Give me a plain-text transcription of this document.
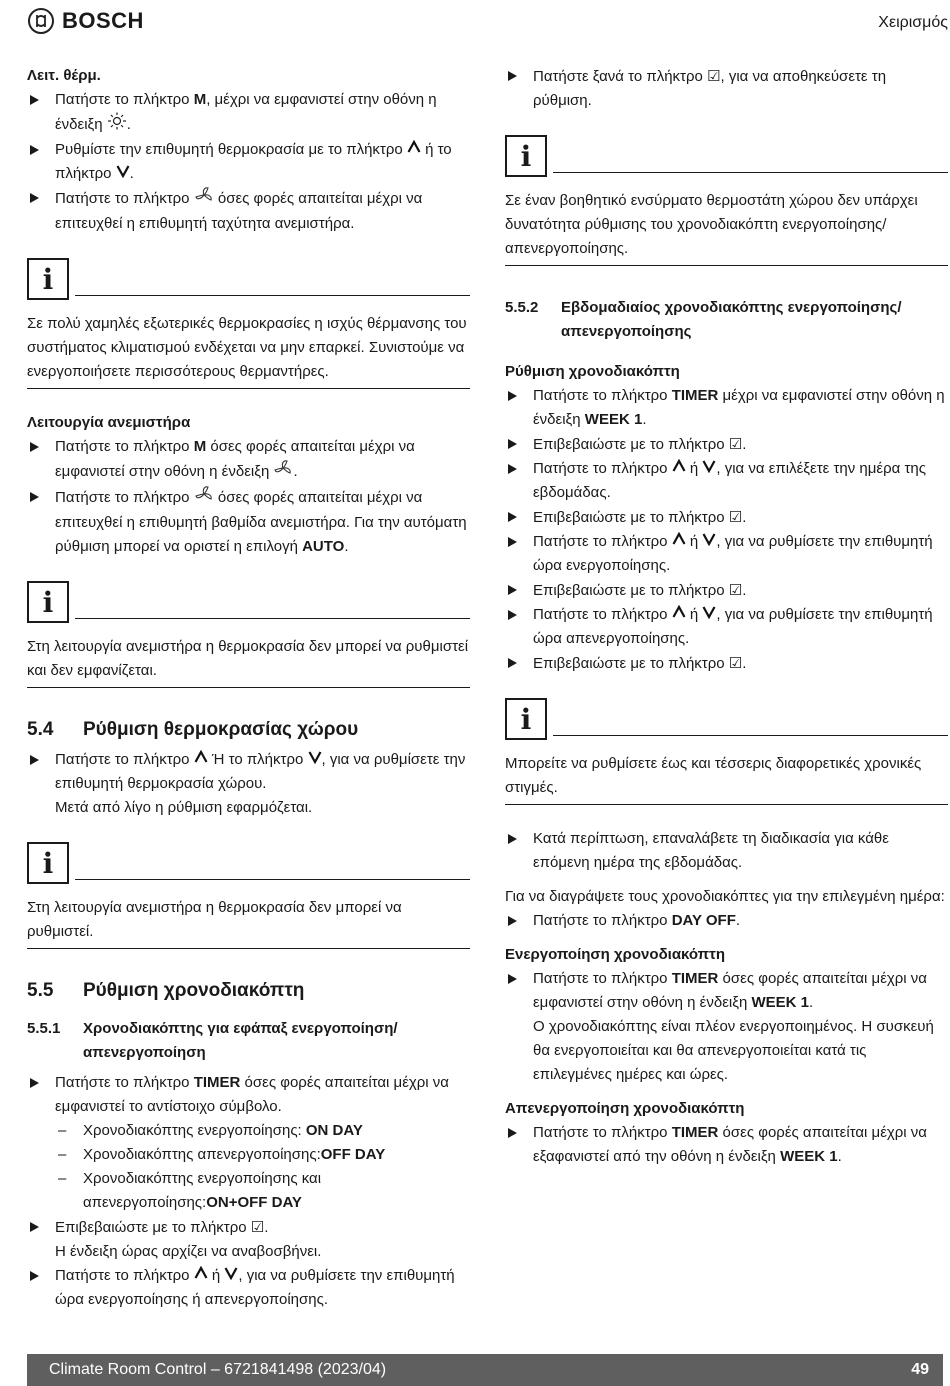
BOSCH	Χειρισμός

Λειτ. θέρμ.

Πατήστε το πλήκτρο M, μέχρι να εμφανιστεί στην οθόνη η ένδειξη .

Ρυθμίστε την επιθυμητή θερμοκρασία με το πλήκτρο  ή το πλήκτρο .

Πατήστε το πλήκτρο  όσες φορές απαιτείται μέχρι να επιτευχθεί η επιθυμητή ταχύτητα ανεμιστήρα.

i

Σε πολύ χαμηλές εξωτερικές θερμοκρασίες η ισχύς θέρμανσης του συστήματος κλιματισμού ενδέχεται να μην επαρκεί. Συνιστούμε να ενεργοποιήσετε περισσότερους θερμαντήρες.

Λειτουργία ανεμιστήρα

Πατήστε το πλήκτρο M όσες φορές απαιτείται μέχρι να εμφανιστεί στην οθόνη η ένδειξη .

Πατήστε το πλήκτρο  όσες φορές απαιτείται μέχρι να επιτευχθεί η επιθυμητή βαθμίδα ανεμιστήρα. Για την αυτόματη ρύθμιση μπορεί να οριστεί η επιλογή AUTO.

i

Στη λειτουργία ανεμιστήρα η θερμοκρασία δεν μπορεί να ρυθμιστεί και δεν εμφανίζεται.

5.4	Ρύθμιση θερμοκρασίας χώρου

Πατήστε το πλήκτρο  Ή το πλήκτρο , για να ρυθμίσετε την επιθυμητή θερμοκρασία χώρου.

Μετά από λίγο η ρύθμιση εφαρμόζεται.

i

Στη λειτουργία ανεμιστήρα η θερμοκρασία δεν μπορεί να ρυθμιστεί.

5.5	Ρύθμιση χρονοδιακόπτη
5.5.1	Χρονοδιακόπτης για εφάπαξ ενεργοποίηση/ απενεργοποίηση

Πατήστε το πλήκτρο TIMER όσες φορές απαιτείται μέχρι να εμφανιστεί το αντίστοιχο σύμβολο.

– Χρονοδιακόπτης ενεργοποίησης: ON DAY

– Χρονοδιακόπτης απενεργοποίησης:OFF DAY

– Χρονοδιακόπτης ενεργοποίησης και απενεργοποίησης:ON+OFF DAY

Επιβεβαιώστε με το πλήκτρο ☑.

Η ένδειξη ώρας αρχίζει να αναβοσβήνει.

Πατήστε το πλήκτρο  ή , για να ρυθμίσετε την επιθυμητή ώρα ενεργοποίησης ή απενεργοποίησης.

Πατήστε ξανά το πλήκτρο ☑, για να αποθηκεύσετε τη ρύθμιση.

i

Σε έναν βοηθητικό ενσύρματο θερμοστάτη χώρου δεν υπάρχει δυνατότητα ρύθμισης του χρονοδιακόπτη ενεργοποίησης/ απενεργοποίησης.

5.5.2	Εβδομαδιαίος χρονοδιακόπτης ενεργοποίησης/ απενεργοποίησης

Ρύθμιση χρονοδιακόπτη

Πατήστε το πλήκτρο TIMER μέχρι να εμφανιστεί στην οθόνη η ένδειξη WEEK 1.

Επιβεβαιώστε με το πλήκτρο ☑.

Πατήστε το πλήκτρο  ή , για να επιλέξετε την ημέρα της εβδομάδας.

Επιβεβαιώστε με το πλήκτρο ☑.

Πατήστε το πλήκτρο  ή , για να ρυθμίσετε την επιθυμητή ώρα ενεργοποίησης.

Επιβεβαιώστε με το πλήκτρο ☑.

Πατήστε το πλήκτρο  ή , για να ρυθμίσετε την επιθυμητή ώρα απενεργοποίησης.

Επιβεβαιώστε με το πλήκτρο ☑.

i

Μπορείτε να ρυθμίσετε έως και τέσσερις διαφορετικές χρονικές στιγμές.

Κατά περίπτωση, επαναλάβετε τη διαδικασία για κάθε επόμενη ημέρα της εβδομάδας.

Για να διαγράψετε τους χρονοδιακόπτες για την επιλεγμένη ημέρα:

Πατήστε το πλήκτρο DAY OFF.

Ενεργοποίηση χρονοδιακόπτη

Πατήστε το πλήκτρο TIMER όσες φορές απαιτείται μέχρι να εμφανιστεί στην οθόνη η ένδειξη WEEK 1.

Ο χρονοδιακόπτης είναι πλέον ενεργοποιημένος. Η συσκευή θα ενεργοποιείται και θα απενεργοποιείται κατά τις επιλεγμένες ημέρες και ώρες.

Απενεργοποίηση χρονοδιακόπτη

Πατήστε το πλήκτρο TIMER όσες φορές απαιτείται μέχρι να εξαφανιστεί από την οθόνη η ένδειξη WEEK 1.

Climate Room Control – 6721841498 (2023/04)	49
